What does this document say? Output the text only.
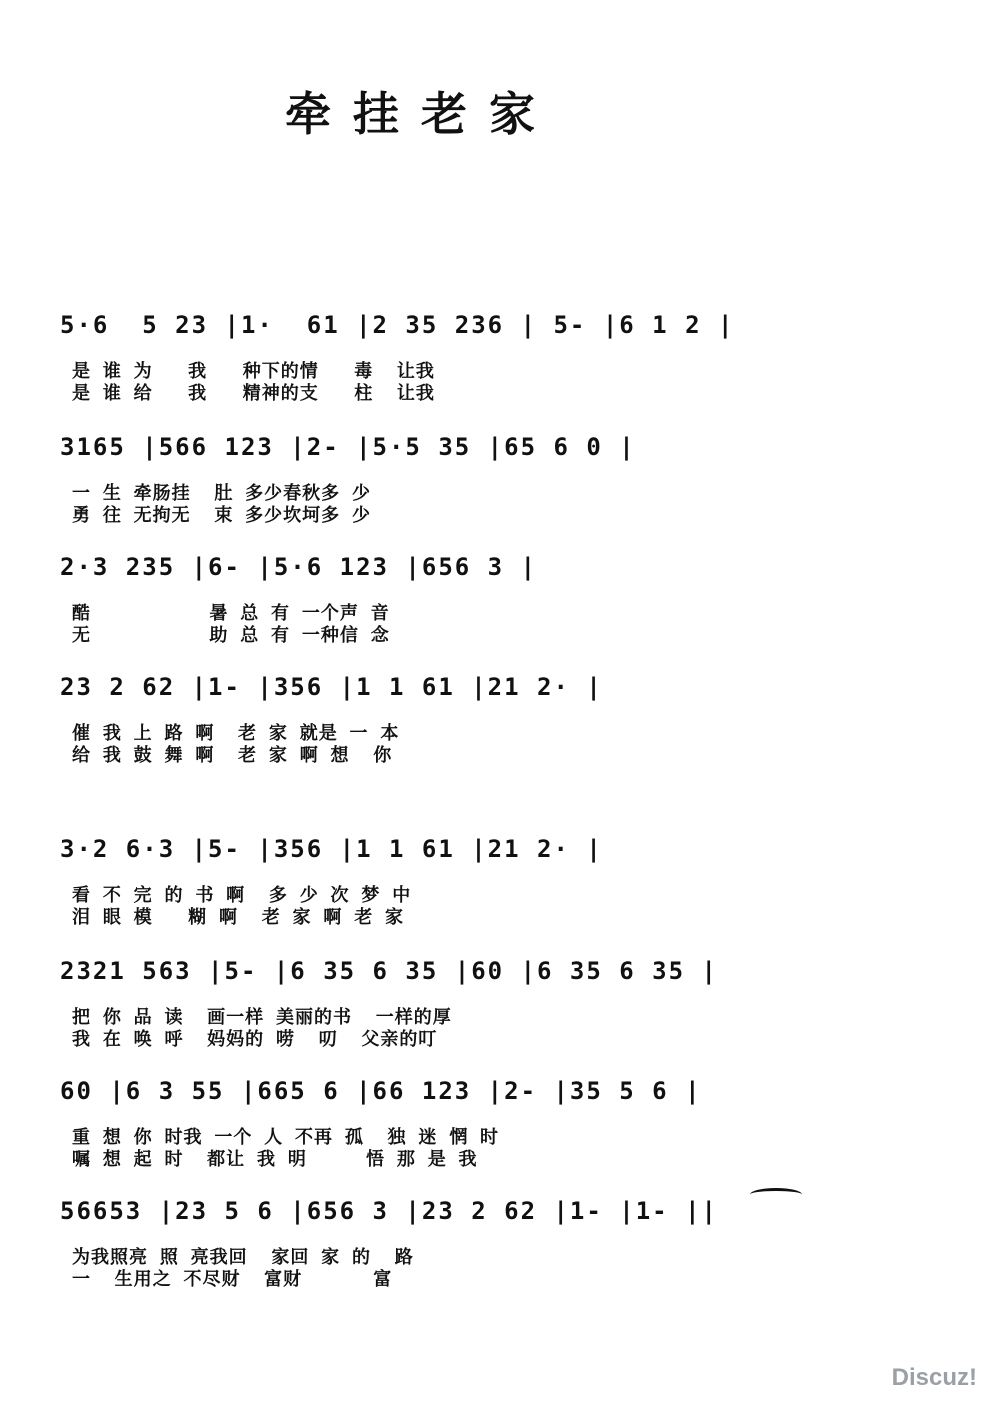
牵挂老家
5·6  5 23 |1·  61 |2 35 236 | 5- |6 1 2 |
是 谁 为   我   种下的情   毒  让我
是 谁 给   我   精神的支   柱  让我
3165 |566 123 |2- |5·5 35 |65 6 0 |
一 生 牵肠挂  肚 多少春秋多 少
勇 往 无拘无  束 多少坎坷多 少
2·3 235 |6- |5·6 123 |656 3 |
酷          暑 总 有 一个声 音
无          助 总 有 一种信 念
23 2 62 |1- |356 |1 1 61 |21 2· |
催 我 上 路 啊  老 家 就是 一 本
给 我 鼓 舞 啊  老 家 啊 想  你
3·2 6·3 |5- |356 |1 1 61 |21 2· |
看 不 完 的 书 啊  多 少 次 梦 中
泪 眼 模   糊 啊  老 家 啊 老 家
2321 563 |5- |6 35 6 35 |60 |6 35 6 35 |
把 你 品 读  画一样 美丽的书  一样的厚
我 在 唤 呼  妈妈的 唠  叨  父亲的叮
60 |6 3 55 |665 6 |66 123 |2- |35 5 6 |
重 想 你 时我 一个 人 不再 孤  独 迷 惘 时
嘱 想 起 时  都让 我 明     悟 那 是 我
56653 |23 5 6 |656 3 |23 2 62 |1- |1- ||
为我照亮 照 亮我回  家回 家 的  路
一  生用之 不尽财  富财      富
Discuz!
